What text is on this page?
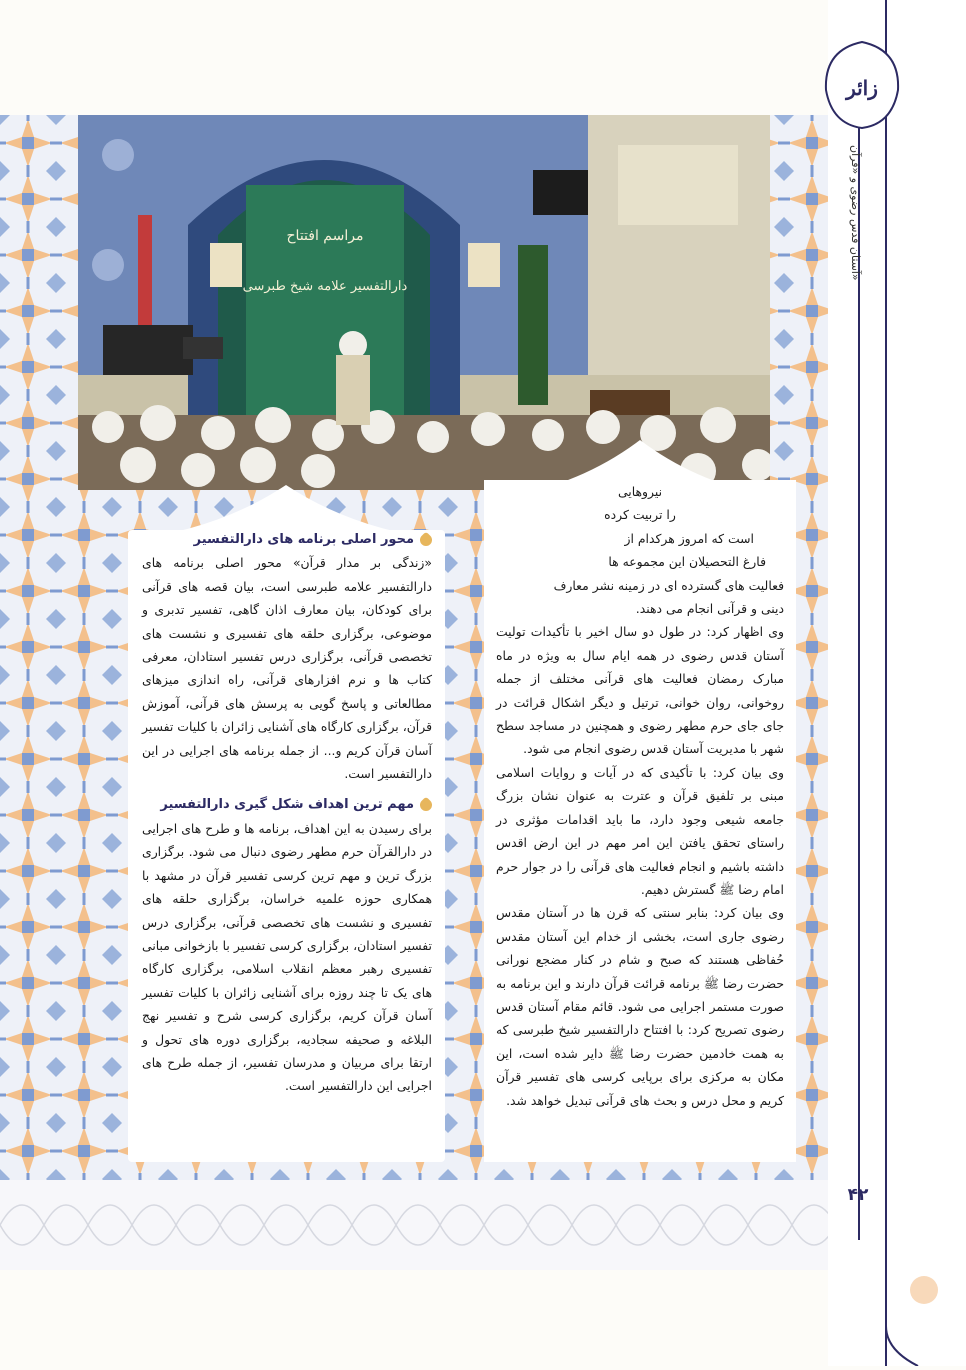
مراسم افتتاح
دارالتفسیر علامه شیخ طبرسی

نیروهایی

را تربیت کرده

است که امروز هرکدام از

فارغ التحصیلان این مجموعه ها

فعالیت های گسترده ای در زمینه نشر معارف

دینی و قرآنی انجام می دهند.

وی اظهار کرد: در طول دو سال اخیر با تأکیدات تولیت آستان قدس رضوی در همه ایام سال به ویژه در ماه مبارک رمضان فعالیت های قرآنی مختلف از جمله روخوانی، روان خوانی، ترتیل و دیگر اشکال قرائت در جای جای حرم مطهر رضوی و همچنین در مساجد سطح شهر با مدیریت آستان قدس رضوی انجام می شود.

وی بیان کرد: با تأکیدی که در آیات و روایات اسلامی مبنی بر تلفیق قرآن و عترت به عنوان نشان بزرگ جامعه شیعی وجود دارد، ما باید اقدامات مؤثری در راستای تحقق یافتن این امر مهم در این ارض اقدس داشته باشیم و انجام فعالیت های قرآنی را در جوار حرم امام رضا ﷺ گسترش دهیم.

وی بیان کرد: بنابر سنتی که قرن ها در آستان مقدس رضوی جاری است، بخشی از خدام این آستان مقدس حُفاظی هستند که صبح و شام در کنار مضجع نورانی حضرت رضا ﷺ برنامه قرائت قرآن دارند و این برنامه به صورت مستمر اجرایی می شود. قائم مقام آستان قدس رضوی تصریح کرد: با افتتاح دارالتفسیر شیخ طبرسی که به همت خادمین حضرت رضا ﷺ دایر شده است، این مکان به مرکزی برای برپایی کرسی های تفسیر قرآن کریم و محل درس و بحث های قرآنی تبدیل خواهد شد.

محور اصلی برنامه های دارالتفسیر

«زندگی بر مدار قرآن» محور اصلی برنامه های دارالتفسیر علامه طبرسی است، بیان قصه های قرآنی برای کودکان، بیان معارف اذان گاهی، تفسیر تدبری و موضوعی، برگزاری حلقه های تفسیری و نشست های تخصصی قرآنی، برگزاری درس تفسیر استادان، معرفی کتاب ها و نرم افزارهای قرآنی، راه اندازی میزهای مطالعاتی و پاسخ گویی به پرسش های قرآنی، آموزش قرآن، برگزاری کارگاه های آشنایی زائران با کلیات تفسیر آسان قرآن کریم و... از جمله برنامه های اجرایی در این دارالتفسیر است.

مهم ترین اهداف شکل گیری دارالتفسیر

برای رسیدن به این اهداف، برنامه ها و طرح های اجرایی در دارالقرآن حرم مطهر رضوی دنبال می شود. برگزاری بزرگ ترین و مهم ترین کرسی تفسیر قرآن در مشهد با همکاری حوزه علمیه خراسان، برگزاری حلقه های تفسیری و نشست های تخصصی قرآنی، برگزاری درس تفسیر استادان، برگزاری کرسی تفسیر با بازخوانی مبانی تفسیری رهبر معظم انقلاب اسلامی، برگزاری کارگاه های یک تا چند روزه برای آشنایی زائران با کلیات تفسیر آسان قرآن کریم، برگزاری کرسی شرح و تفسیر نهج البلاغه و صحیفه سجادیه، برگزاری دوره های تحول و ارتقا برای مربیان و مدرسان تفسیر، از جمله طرح های اجرایی این دارالتفسیر است.

زائر
آستان قدس رضوی و «قرآن»
۴۲
